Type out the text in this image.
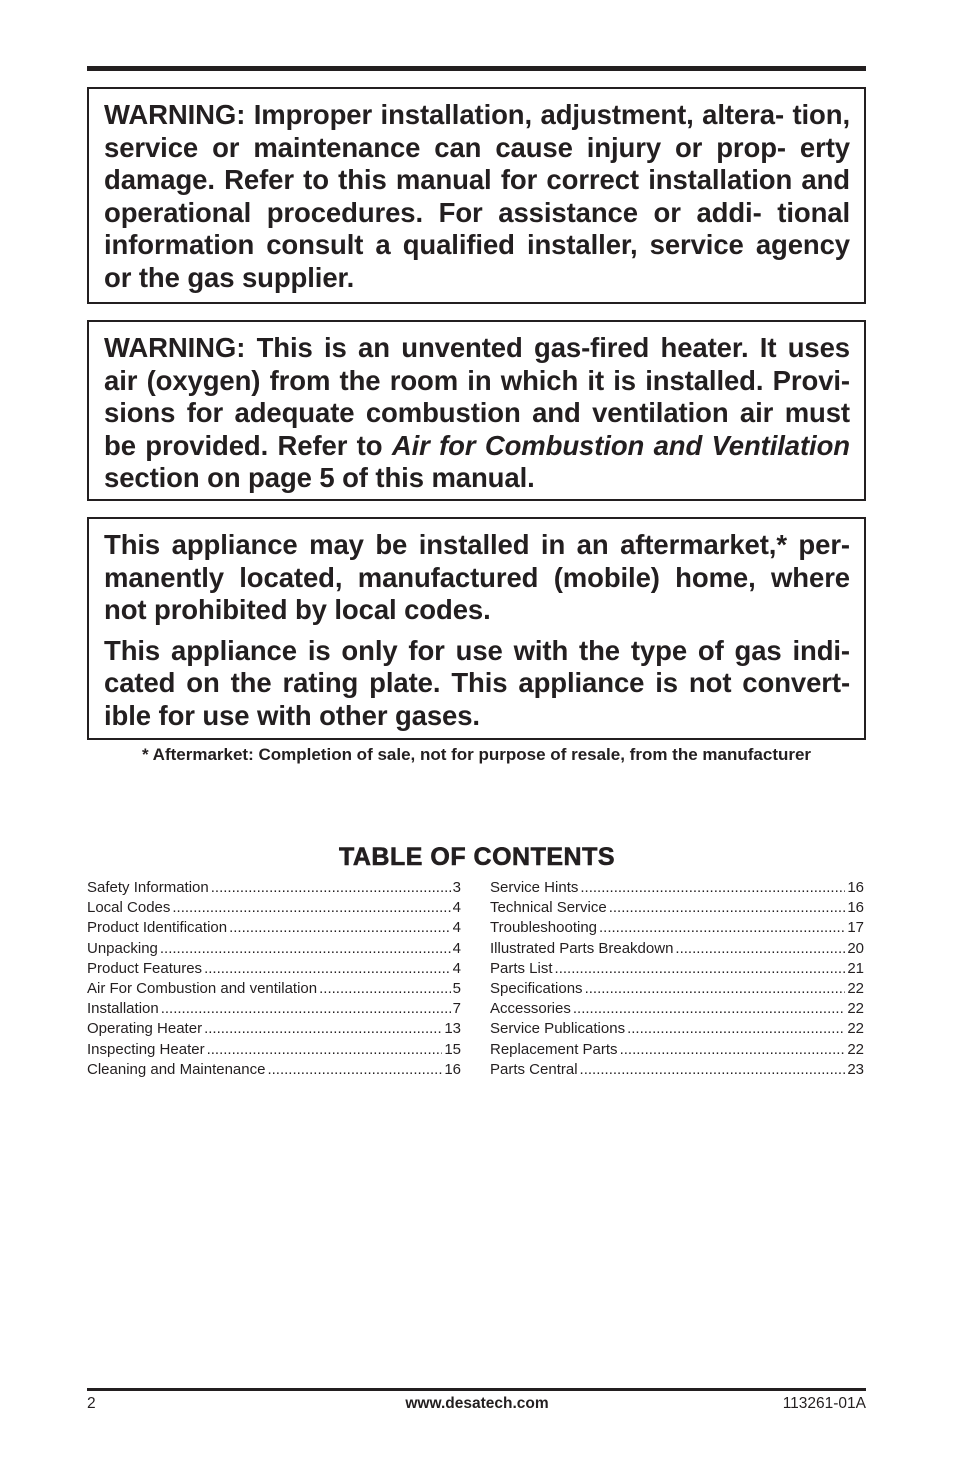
WARNING: Improper installation, adjustment, altera- tion, service or maintenance can cause injury or prop- erty damage. Refer to this manual for correct installation and operational procedures. For assistance or addi- tional information consult a qualified installer, service agency or the gas supplier.

WARNING: This is an unvented gas-fired heater. It uses air (oxygen) from the room in which it is installed. Provi- sions for adequate combustion and ventilation air must be provided. Refer to Air for Combustion and Ventilation section on page 5 of this manual.

This appliance may be installed in an aftermarket,* per- manently located, manufactured (mobile) home, where not prohibited by local codes.

This appliance is only for use with the type of gas indi- cated on the rating plate. This appliance is not convert- ible for use with other gases.

* Aftermarket: Completion of sale, not for purpose of resale, from the manufacturer
TABLE OF CONTENTS
Safety Information .....	3
Local Codes .....	4
Product Identification .....	4
Unpacking .....	4
Product Features .....	4
Air For Combustion and ventilation .....	5
Installation .....	7
Operating Heater .....	13
Inspecting Heater .....	15
Cleaning and Maintenance .....	16
Service Hints .....	16
Technical Service .....	16
Troubleshooting .....	17
Illustrated Parts Breakdown .....	20
Parts List .....	21
Specifications .....	22
Accessories .....	22
Service Publications .....	22
Replacement Parts .....	22
Parts Central .....	23
2	www.desatech.com	113261-01A
